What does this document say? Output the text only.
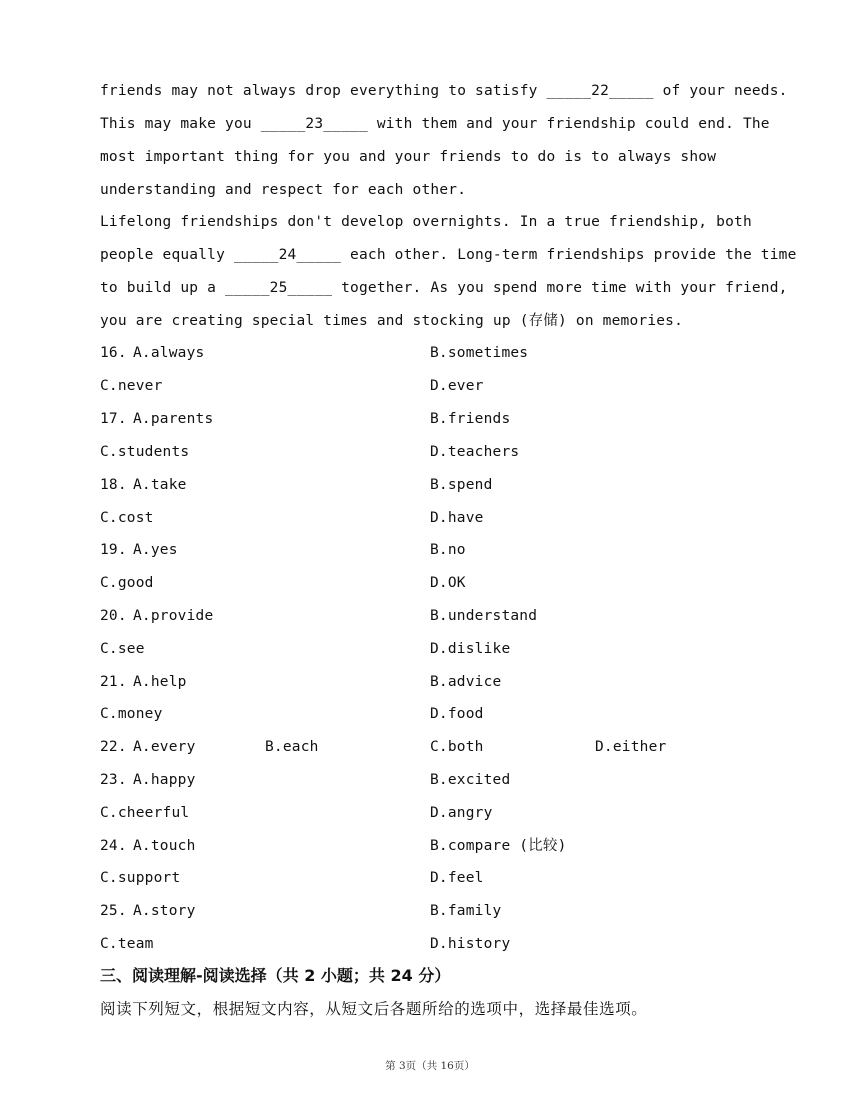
friends may not always drop everything to satisfy _____22_____ of your needs.
This may make you _____23_____ with them and your friendship could end. The
most important thing for you and your friends to do is to always show
understanding and respect for each other.
Lifelong friendships don't develop overnights. In a true friendship, both
people equally _____24_____ each other. Long-term friendships provide the time
to build up a _____25_____ together. As you spend more time with your friend,
you are creating special times and stocking up (存储) on memories.
16. A.always	B.sometimes
C.never	D.ever
17. A.parents	B.friends
C.students	D.teachers
18. A.take	B.spend
C.cost	D.have
19. A.yes	B.no
C.good	D.OK
20. A.provide	B.understand
C.see	D.dislike
21. A.help	B.advice
C.money	D.food
22. A.every	B.each	C.both	D.either
23. A.happy	B.excited
C.cheerful	D.angry
24. A.touch	B.compare (比较)
C.support	D.feel
25. A.story	B.family
C.team	D.history
三、阅读理解-阅读选择（共 2 小题；共 24 分）
阅读下列短文，根据短文内容，从短文后各题所给的选项中，选择最佳选项。
第 3页（共 16页）
